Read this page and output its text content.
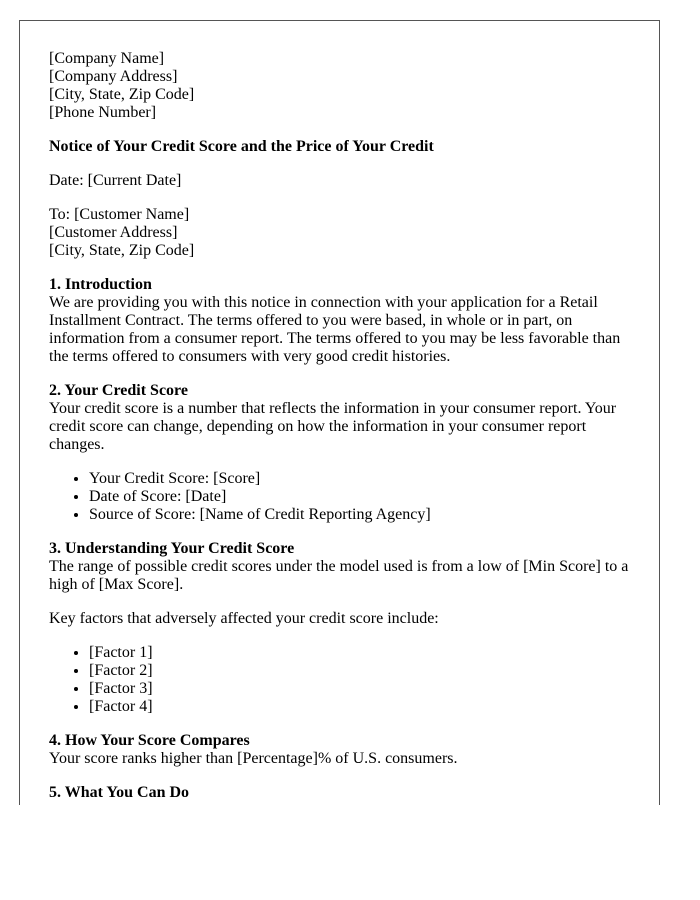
[Company Name]
[Company Address]
[City, State, Zip Code]
[Phone Number]

Notice of Your Credit Score and the Price of Your Credit

Date: [Current Date]

To: [Customer Name]
[Customer Address]
[City, State, Zip Code]

1. Introduction
We are providing you with this notice in connection with your application for a Retail Installment Contract. The terms offered to you were based, in whole or in part, on information from a consumer report. The terms offered to you may be less favorable than the terms offered to consumers with very good credit histories.
2. Your Credit Score
Your credit score is a number that reflects the information in your consumer report. Your credit score can change, depending on how the information in your consumer report changes.
• Your Credit Score: [Score]
• Date of Score: [Date]
• Source of Score: [Name of Credit Reporting Agency]
3. Understanding Your Credit Score
The range of possible credit scores under the model used is from a low of [Min Score] to a high of [Max Score].

Key factors that adversely affected your credit score include:

• [Factor 1]
• [Factor 2]
• [Factor 3]
• [Factor 4]
4. How Your Score Compares
Your score ranks higher than [Percentage]% of U.S. consumers.
5. What You Can Do
